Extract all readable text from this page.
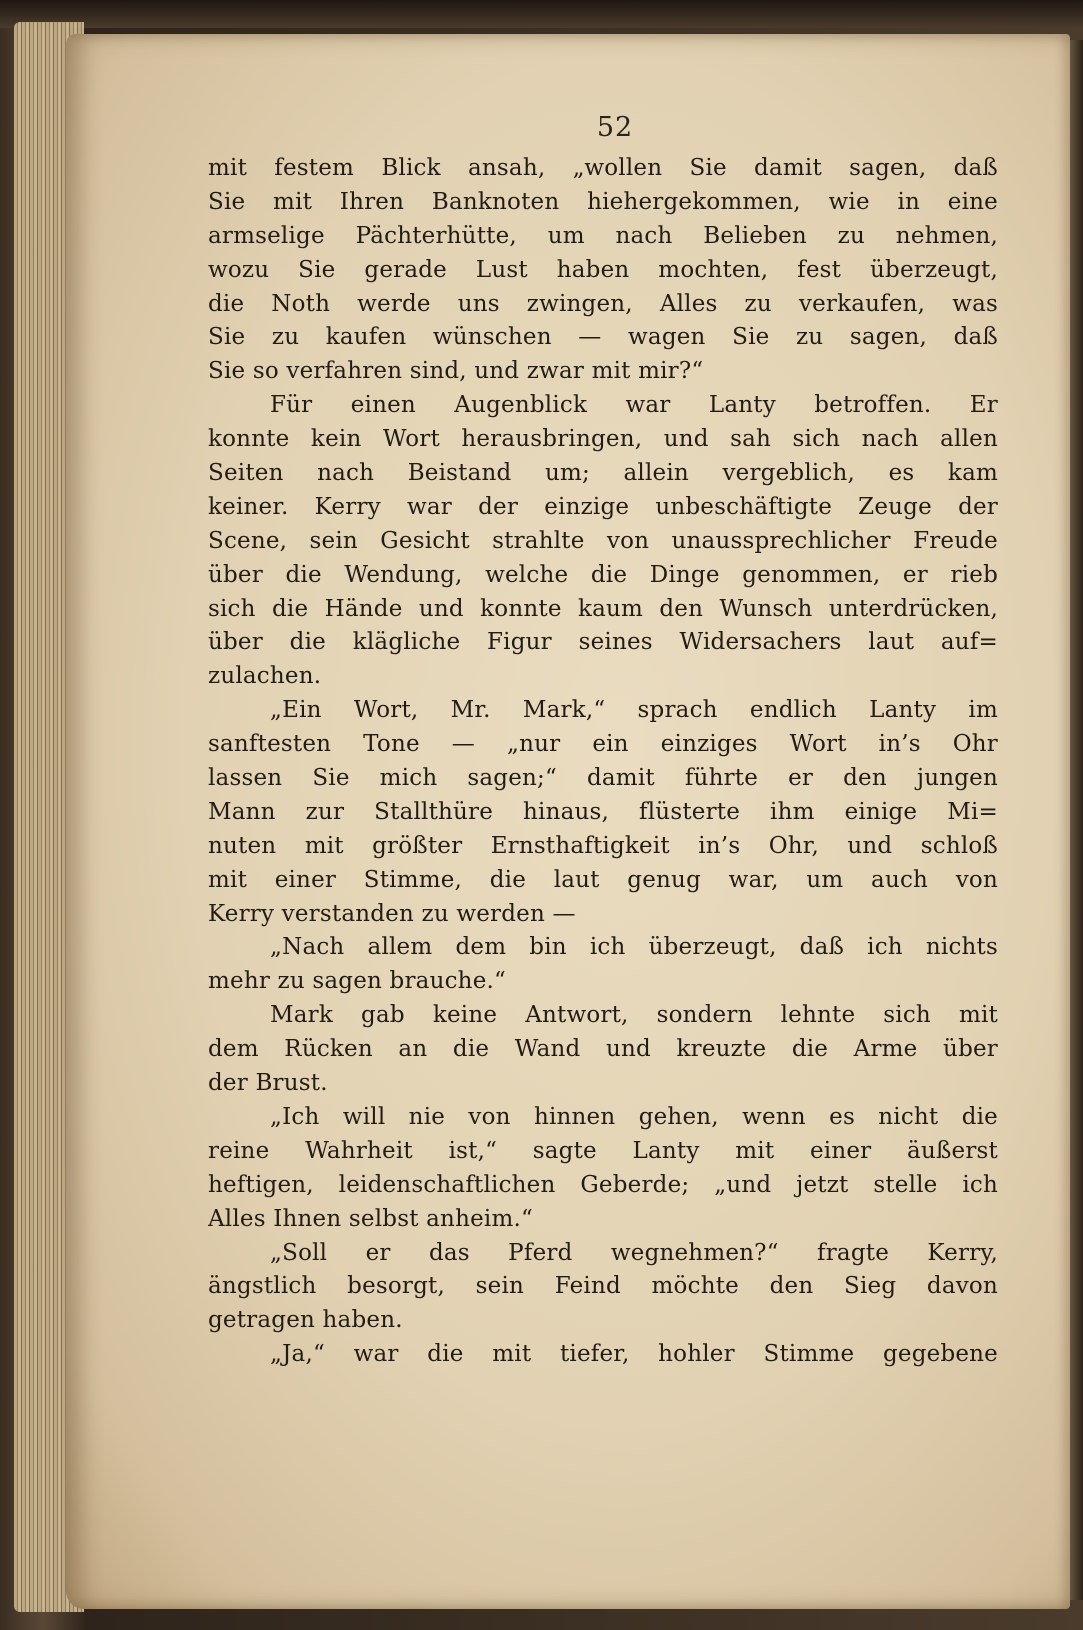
52
mit festem Blick ansah, „wollen Sie damit sagen, daß
Sie mit Ihren Banknoten hiehergekommen, wie in eine
armselige Pächterhütte, um nach Belieben zu nehmen,
wozu Sie gerade Lust haben mochten, fest überzeugt,
die Noth werde uns zwingen, Alles zu verkaufen, was
Sie zu kaufen wünschen — wagen Sie zu sagen, daß
Sie so verfahren sind, und zwar mit mir?“
Für einen Augenblick war Lanty betroffen. Er
konnte kein Wort herausbringen, und sah sich nach allen
Seiten nach Beistand um; allein vergeblich, es kam
keiner. Kerry war der einzige unbeschäftigte Zeuge der
Scene, sein Gesicht strahlte von unaussprechlicher Freude
über die Wendung, welche die Dinge genommen, er rieb
sich die Hände und konnte kaum den Wunsch unterdrücken,
über die klägliche Figur seines Widersachers laut auf=
zulachen.
„Ein Wort, Mr. Mark,“ sprach endlich Lanty im
sanftesten Tone — „nur ein einziges Wort in’s Ohr
lassen Sie mich sagen;“ damit führte er den jungen
Mann zur Stallthüre hinaus, flüsterte ihm einige Mi=
nuten mit größter Ernsthaftigkeit in’s Ohr, und schloß
mit einer Stimme, die laut genug war, um auch von
Kerry verstanden zu werden —
„Nach allem dem bin ich überzeugt, daß ich nichts
mehr zu sagen brauche.“
Mark gab keine Antwort, sondern lehnte sich mit
dem Rücken an die Wand und kreuzte die Arme über
der Brust.
„Ich will nie von hinnen gehen, wenn es nicht die
reine Wahrheit ist,“ sagte Lanty mit einer äußerst
heftigen, leidenschaftlichen Geberde; „und jetzt stelle ich
Alles Ihnen selbst anheim.“
„Soll er das Pferd wegnehmen?“ fragte Kerry,
ängstlich besorgt, sein Feind möchte den Sieg davon
getragen haben.
„Ja,“ war die mit tiefer, hohler Stimme gegebene
